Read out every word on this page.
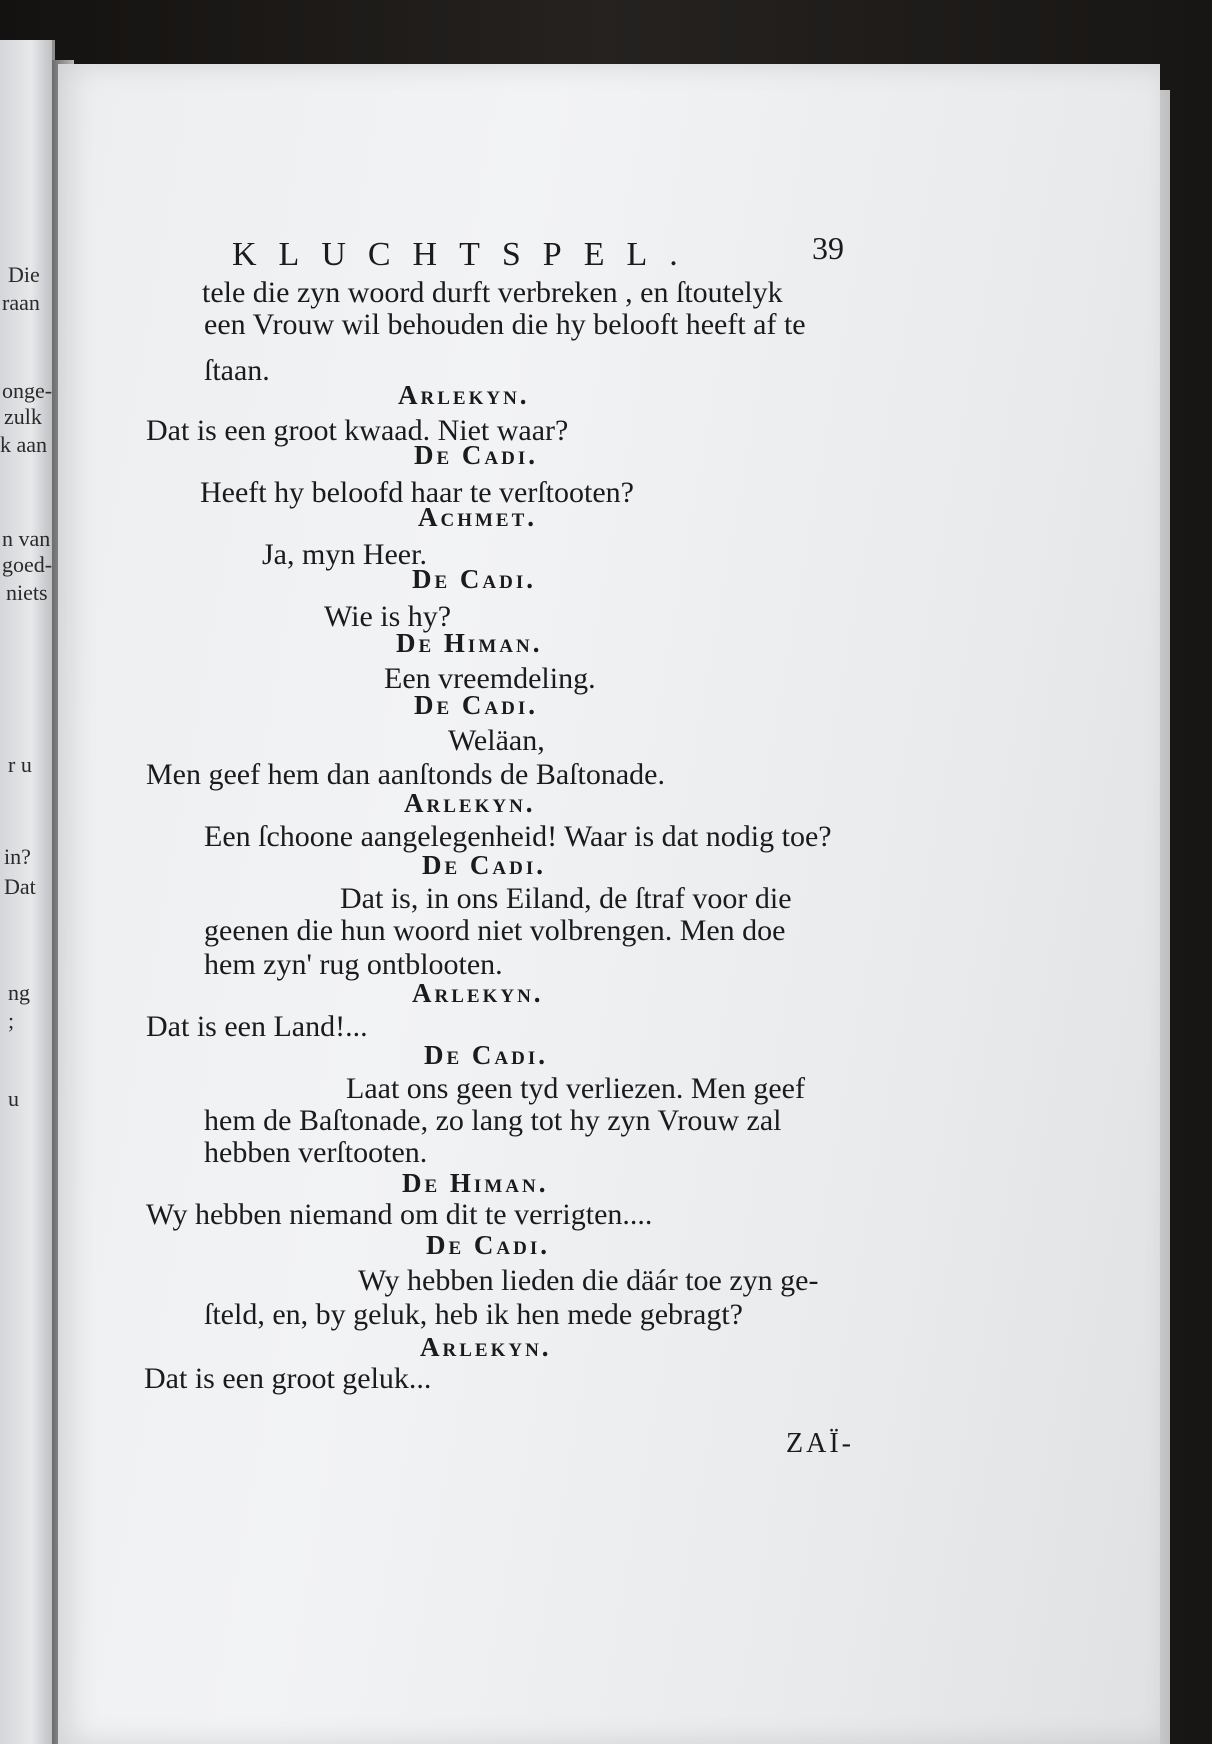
Die
raan
onge-
zulk
k aan
n van
goed-
niets
r u
in?
Dat
ng
;
u
KLUCHTSPEL.	39
tele die zyn woord durft verbreken , en ſtoutelyk
een Vrouw wil behouden die hy belooft heeft af te
ſtaan.
Arlekyn.
Dat is een groot kwaad. Niet waar?
De Cadi.
Heeft hy beloofd haar te verſtooten?
Achmet.
Ja, myn Heer.
De Cadi.
Wie is hy?
De Himan.
Een vreemdeling.
De Cadi.
Weläan,
Men geef hem dan aanſtonds de Baſtonade.
Arlekyn.
Een ſchoone aangelegenheid! Waar is dat nodig toe?
De Cadi.
Dat is, in ons Eiland, de ſtraf voor die
geenen die hun woord niet volbrengen. Men doe
hem zyn' rug ontblooten.
Arlekyn.
Dat is een Land!...
De Cadi.
Laat ons geen tyd verliezen. Men geef
hem de Baſtonade, zo lang tot hy zyn Vrouw zal
hebben verſtooten.
De Himan.
Wy hebben niemand om dit te verrigten....
De Cadi.
Wy hebben lieden die däár toe zyn ge-
ſteld, en, by geluk, heb ik hen mede gebragt?
Arlekyn.
Dat is een groot geluk...
ZAÏ-
